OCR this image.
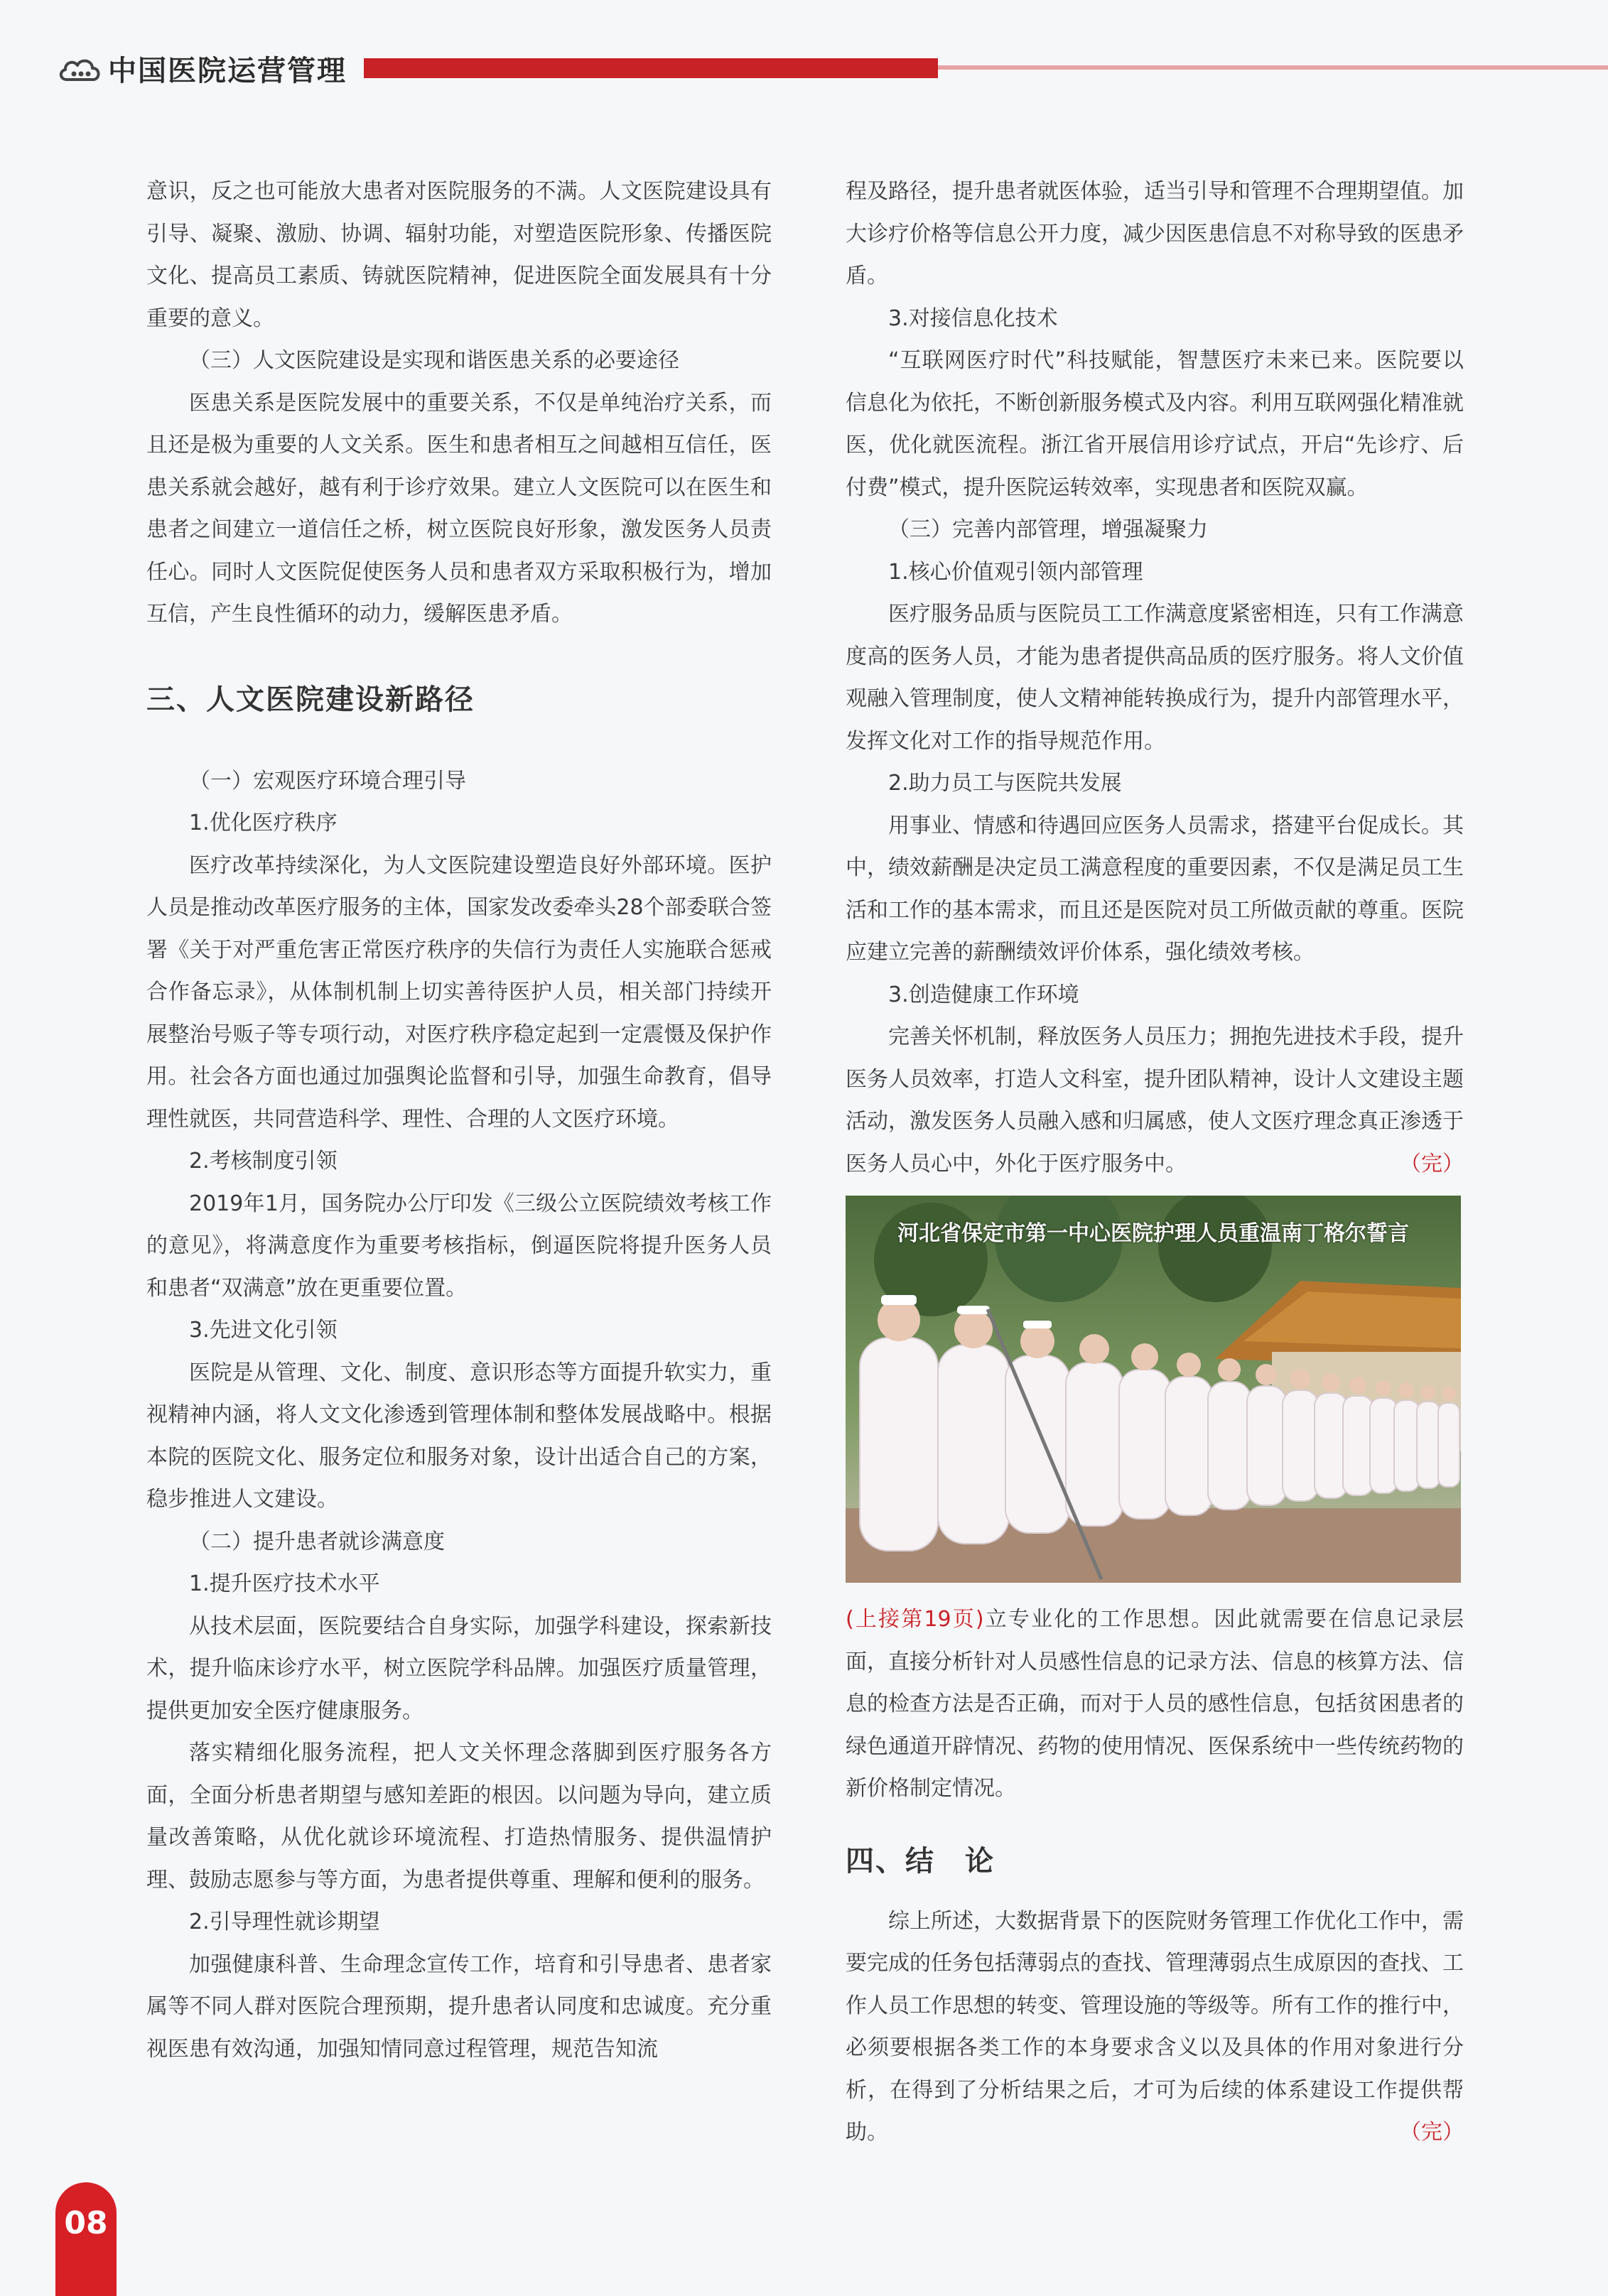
中国医院运营管理

意识，反之也可能放大患者对医院服务的不满。人文医院建设具有引导、凝聚、激励、协调、辐射功能，对塑造医院形象、传播医院文化、提高员工素质、铸就医院精神，促进医院全面发展具有十分重要的意义。

（三）人文医院建设是实现和谐医患关系的必要途径

医患关系是医院发展中的重要关系，不仅是单纯治疗关系，而且还是极为重要的人文关系。医生和患者相互之间越相互信任，医患关系就会越好，越有利于诊疗效果。建立人文医院可以在医生和患者之间建立一道信任之桥，树立医院良好形象，激发医务人员责任心。同时人文医院促使医务人员和患者双方采取积极行为，增加互信，产生良性循环的动力，缓解医患矛盾。

三、人文医院建设新路径

（一）宏观医疗环境合理引导

1.优化医疗秩序

医疗改革持续深化，为人文医院建设塑造良好外部环境。医护人员是推动改革医疗服务的主体，国家发改委牵头28个部委联合签署《关于对严重危害正常医疗秩序的失信行为责任人实施联合惩戒合作备忘录》，从体制机制上切实善待医护人员，相关部门持续开展整治号贩子等专项行动，对医疗秩序稳定起到一定震慑及保护作用。社会各方面也通过加强舆论监督和引导，加强生命教育，倡导理性就医，共同营造科学、理性、合理的人文医疗环境。

2.考核制度引领

2019年1月，国务院办公厅印发《三级公立医院绩效考核工作的意见》，将满意度作为重要考核指标，倒逼医院将提升医务人员和患者“双满意”放在更重要位置。

3.先进文化引领

医院是从管理、文化、制度、意识形态等方面提升软实力，重视精神内涵，将人文文化渗透到管理体制和整体发展战略中。根据本院的医院文化、服务定位和服务对象，设计出适合自己的方案，稳步推进人文建设。

（二）提升患者就诊满意度

1.提升医疗技术水平

从技术层面，医院要结合自身实际，加强学科建设，探索新技术，提升临床诊疗水平，树立医院学科品牌。加强医疗质量管理，提供更加安全医疗健康服务。

落实精细化服务流程，把人文关怀理念落脚到医疗服务各方面，全面分析患者期望与感知差距的根因。以问题为导向，建立质量改善策略，从优化就诊环境流程、打造热情服务、提供温情护理、鼓励志愿参与等方面，为患者提供尊重、理解和便利的服务。

2.引导理性就诊期望

加强健康科普、生命理念宣传工作，培育和引导患者、患者家属等不同人群对医院合理预期，提升患者认同度和忠诚度。充分重视医患有效沟通，加强知情同意过程管理，规范告知流

程及路径，提升患者就医体验，适当引导和管理不合理期望值。加大诊疗价格等信息公开力度，减少因医患信息不对称导致的医患矛盾。

3.对接信息化技术

“互联网医疗时代”科技赋能，智慧医疗未来已来。医院要以信息化为依托，不断创新服务模式及内容。利用互联网强化精准就医，优化就医流程。浙江省开展信用诊疗试点，开启“先诊疗、后付费”模式，提升医院运转效率，实现患者和医院双赢。

（三）完善内部管理，增强凝聚力

1.核心价值观引领内部管理

医疗服务品质与医院员工工作满意度紧密相连，只有工作满意度高的医务人员，才能为患者提供高品质的医疗服务。将人文价值观融入管理制度，使人文精神能转换成行为，提升内部管理水平，发挥文化对工作的指导规范作用。

2.助力员工与医院共发展

用事业、情感和待遇回应医务人员需求，搭建平台促成长。其中，绩效薪酬是决定员工满意程度的重要因素，不仅是满足员工生活和工作的基本需求，而且还是医院对员工所做贡献的尊重。医院应建立完善的薪酬绩效评价体系，强化绩效考核。

3.创造健康工作环境

完善关怀机制，释放医务人员压力；拥抱先进技术手段，提升医务人员效率，打造人文科室，提升团队精神，设计人文建设主题活动，激发医务人员融入感和归属感，使人文医疗理念真正渗透于医务人员心中，外化于医疗服务中。	（完）

河北省保定市第一中心医院护理人员重温南丁格尔誓言

(上接第19页)立专业化的工作思想。因此就需要在信息记录层面，直接分析针对人员感性信息的记录方法、信息的核算方法、信息的检查方法是否正确，而对于人员的感性信息，包括贫困患者的绿色通道开辟情况、药物的使用情况、医保系统中一些传统药物的新价格制定情况。

四、结　论

综上所述，大数据背景下的医院财务管理工作优化工作中，需要完成的任务包括薄弱点的查找、管理薄弱点生成原因的查找、工作人员工作思想的转变、管理设施的等级等。所有工作的推行中，必须要根据各类工作的本身要求含义以及具体的作用对象进行分析，在得到了分析结果之后，才可为后续的体系建设工作提供帮助。	（完）

08
